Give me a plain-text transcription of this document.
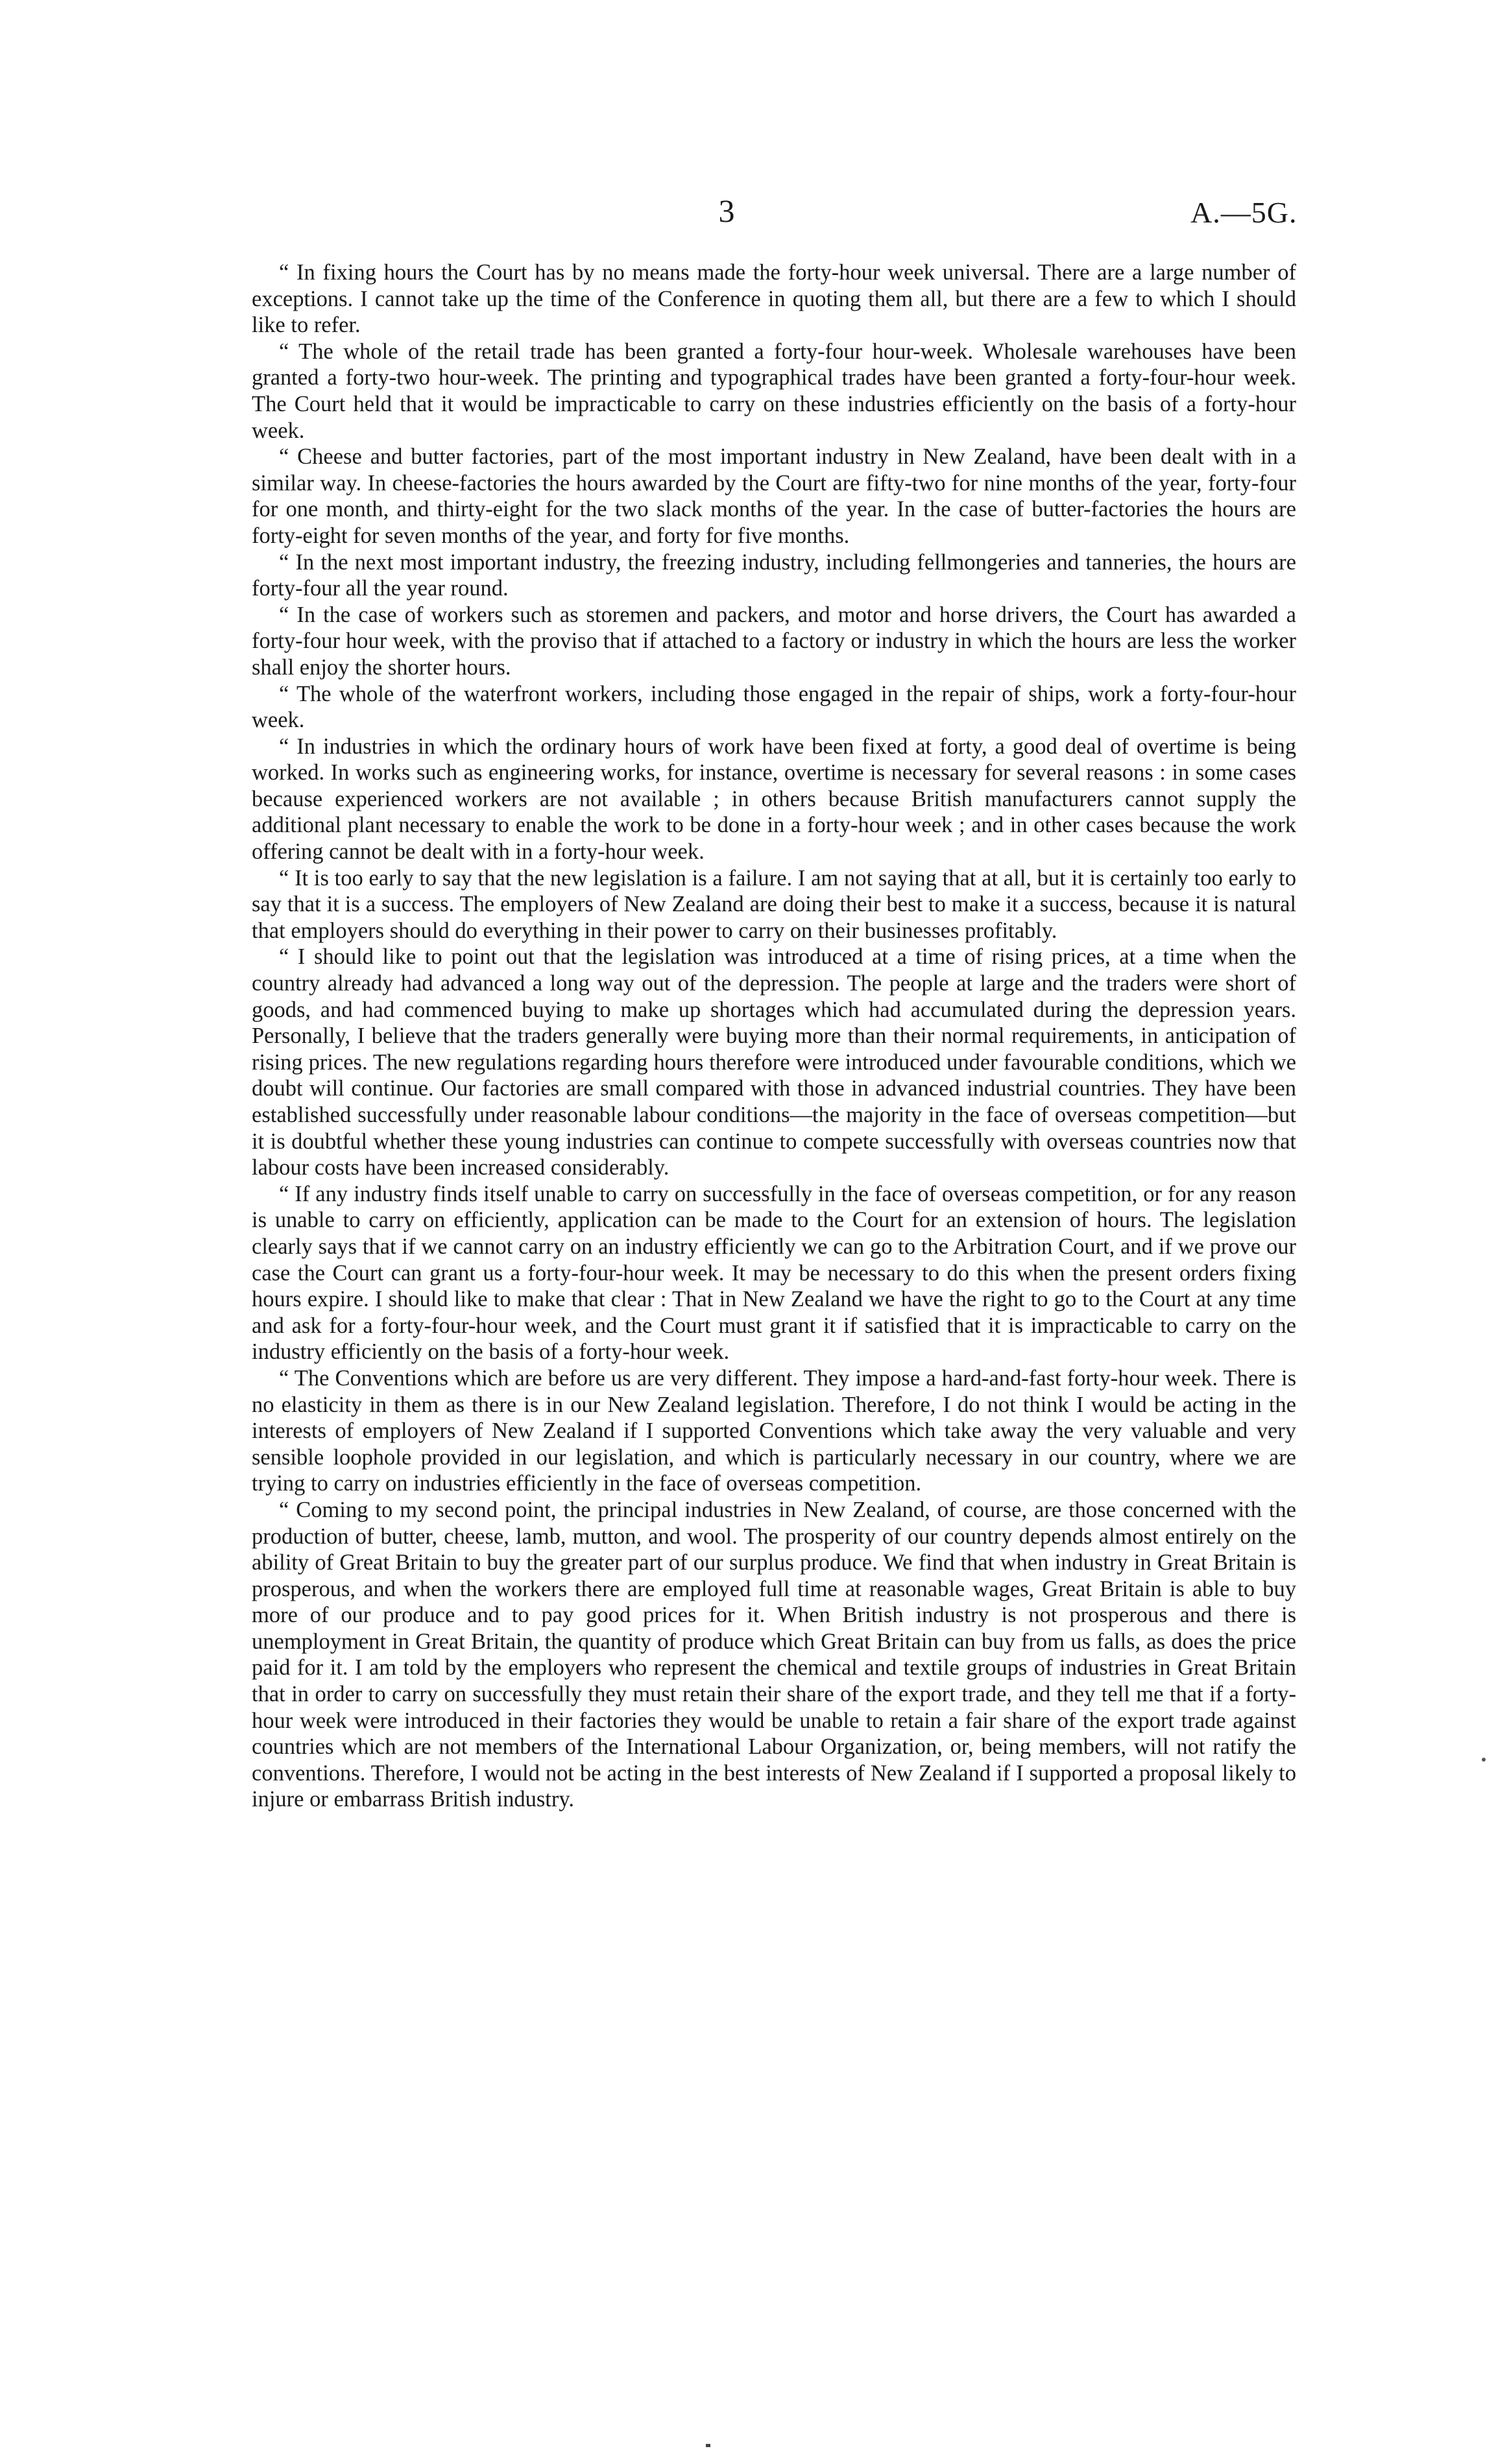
3	A.—5G.

“ In fixing hours the Court has by no means made the forty-hour week universal. There are a large number of exceptions. I cannot take up the time of the Conference in quoting them all, but there are a few to which I should like to refer.

“ The whole of the retail trade has been granted a forty-four hour-week. Wholesale warehouses have been granted a forty-two hour-week. The printing and typographical trades have been granted a forty-four-hour week. The Court held that it would be impracticable to carry on these industries efficiently on the basis of a forty-hour week.

“ Cheese and butter factories, part of the most important industry in New Zealand, have been dealt with in a similar way. In cheese-factories the hours awarded by the Court are fifty-two for nine months of the year, forty-four for one month, and thirty-eight for the two slack months of the year. In the case of butter-factories the hours are forty-eight for seven months of the year, and forty for five months.

“ In the next most important industry, the freezing industry, including fellmongeries and tanneries, the hours are forty-four all the year round.

“ In the case of workers such as storemen and packers, and motor and horse drivers, the Court has awarded a forty-four hour week, with the proviso that if attached to a factory or industry in which the hours are less the worker shall enjoy the shorter hours.

“ The whole of the waterfront workers, including those engaged in the repair of ships, work a forty-four-hour week.

“ In industries in which the ordinary hours of work have been fixed at forty, a good deal of overtime is being worked. In works such as engineering works, for instance, overtime is necessary for several reasons : in some cases because experienced workers are not available ; in others because British manufacturers cannot supply the additional plant necessary to enable the work to be done in a forty-hour week ; and in other cases because the work offering cannot be dealt with in a forty-hour week.

“ It is too early to say that the new legislation is a failure. I am not saying that at all, but it is certainly too early to say that it is a success. The employers of New Zealand are doing their best to make it a success, because it is natural that employers should do everything in their power to carry on their businesses profitably.

“ I should like to point out that the legislation was introduced at a time of rising prices, at a time when the country already had advanced a long way out of the depression. The people at large and the traders were short of goods, and had commenced buying to make up shortages which had accumulated during the depression years. Personally, I believe that the traders generally were buying more than their normal requirements, in anticipation of rising prices. The new regulations regarding hours therefore were introduced under favourable conditions, which we doubt will continue. Our factories are small compared with those in advanced industrial countries. They have been established successfully under reasonable labour conditions—the majority in the face of overseas competition—but it is doubtful whether these young industries can continue to compete successfully with overseas countries now that labour costs have been increased considerably.

“ If any industry finds itself unable to carry on successfully in the face of overseas competition, or for any reason is unable to carry on efficiently, application can be made to the Court for an extension of hours. The legislation clearly says that if we cannot carry on an industry efficiently we can go to the Arbitration Court, and if we prove our case the Court can grant us a forty-four-hour week. It may be necessary to do this when the present orders fixing hours expire. I should like to make that clear : That in New Zealand we have the right to go to the Court at any time and ask for a forty-four-hour week, and the Court must grant it if satisfied that it is impracticable to carry on the industry efficiently on the basis of a forty-hour week.

“ The Conventions which are before us are very different. They impose a hard-and-fast forty-hour week. There is no elasticity in them as there is in our New Zealand legislation. Therefore, I do not think I would be acting in the interests of employers of New Zealand if I supported Conventions which take away the very valuable and very sensible loophole provided in our legislation, and which is particularly necessary in our country, where we are trying to carry on industries efficiently in the face of overseas competition.

“ Coming to my second point, the principal industries in New Zealand, of course, are those concerned with the production of butter, cheese, lamb, mutton, and wool. The prosperity of our country depends almost entirely on the ability of Great Britain to buy the greater part of our surplus produce. We find that when industry in Great Britain is prosperous, and when the workers there are employed full time at reasonable wages, Great Britain is able to buy more of our produce and to pay good prices for it. When British industry is not prosperous and there is unemployment in Great Britain, the quantity of produce which Great Britain can buy from us falls, as does the price paid for it. I am told by the employers who represent the chemical and textile groups of industries in Great Britain that in order to carry on successfully they must retain their share of the export trade, and they tell me that if a forty-hour week were introduced in their factories they would be unable to retain a fair share of the export trade against countries which are not members of the International Labour Organization, or, being members, will not ratify the conventions. Therefore, I would not be acting in the best interests of New Zealand if I supported a proposal likely to injure or embarrass British industry.
